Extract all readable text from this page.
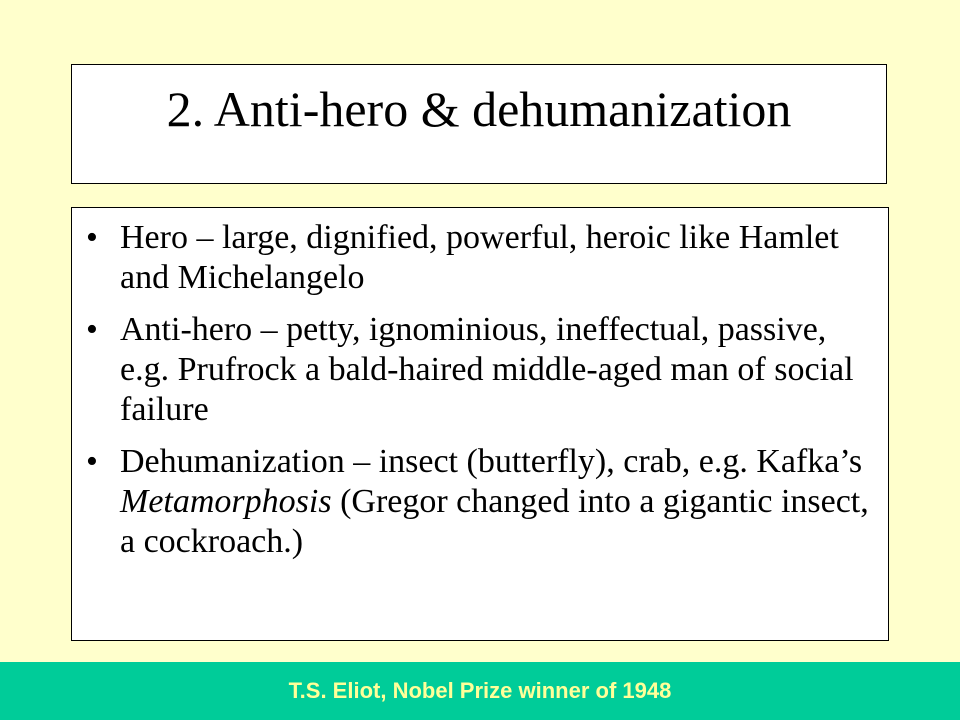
2. Anti-hero & dehumanization
• Hero – large, dignified, powerful, heroic like Hamlet and Michelangelo
• Anti-hero – petty, ignominious, ineffectual, passive, e.g. Prufrock a bald-haired middle-aged man of social failure
• Dehumanization – insect (butterfly), crab, e.g. Kafka’s Metamorphosis (Gregor changed into a gigantic insect, a cockroach.)
T.S. Eliot, Nobel Prize winner of 1948
